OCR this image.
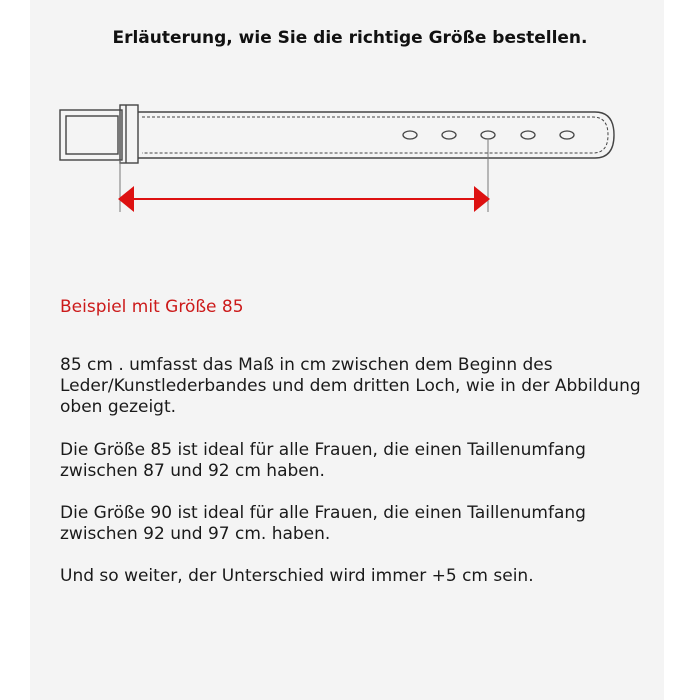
Erläuterung, wie Sie die richtige Größe bestellen.
Beispiel mit Größe 85

85 cm . umfasst das Maß in cm zwischen dem Beginn des Leder/Kunstlederbandes und dem dritten Loch, wie in der Abbildung oben gezeigt.

Die Größe 85 ist ideal für alle Frauen, die einen Taillenumfang zwischen 87 und 92 cm haben.

Die Größe 90 ist ideal für alle Frauen, die einen Taillenumfang zwischen 92 und 97 cm. haben.

Und so weiter, der Unterschied wird immer +5 cm sein.
